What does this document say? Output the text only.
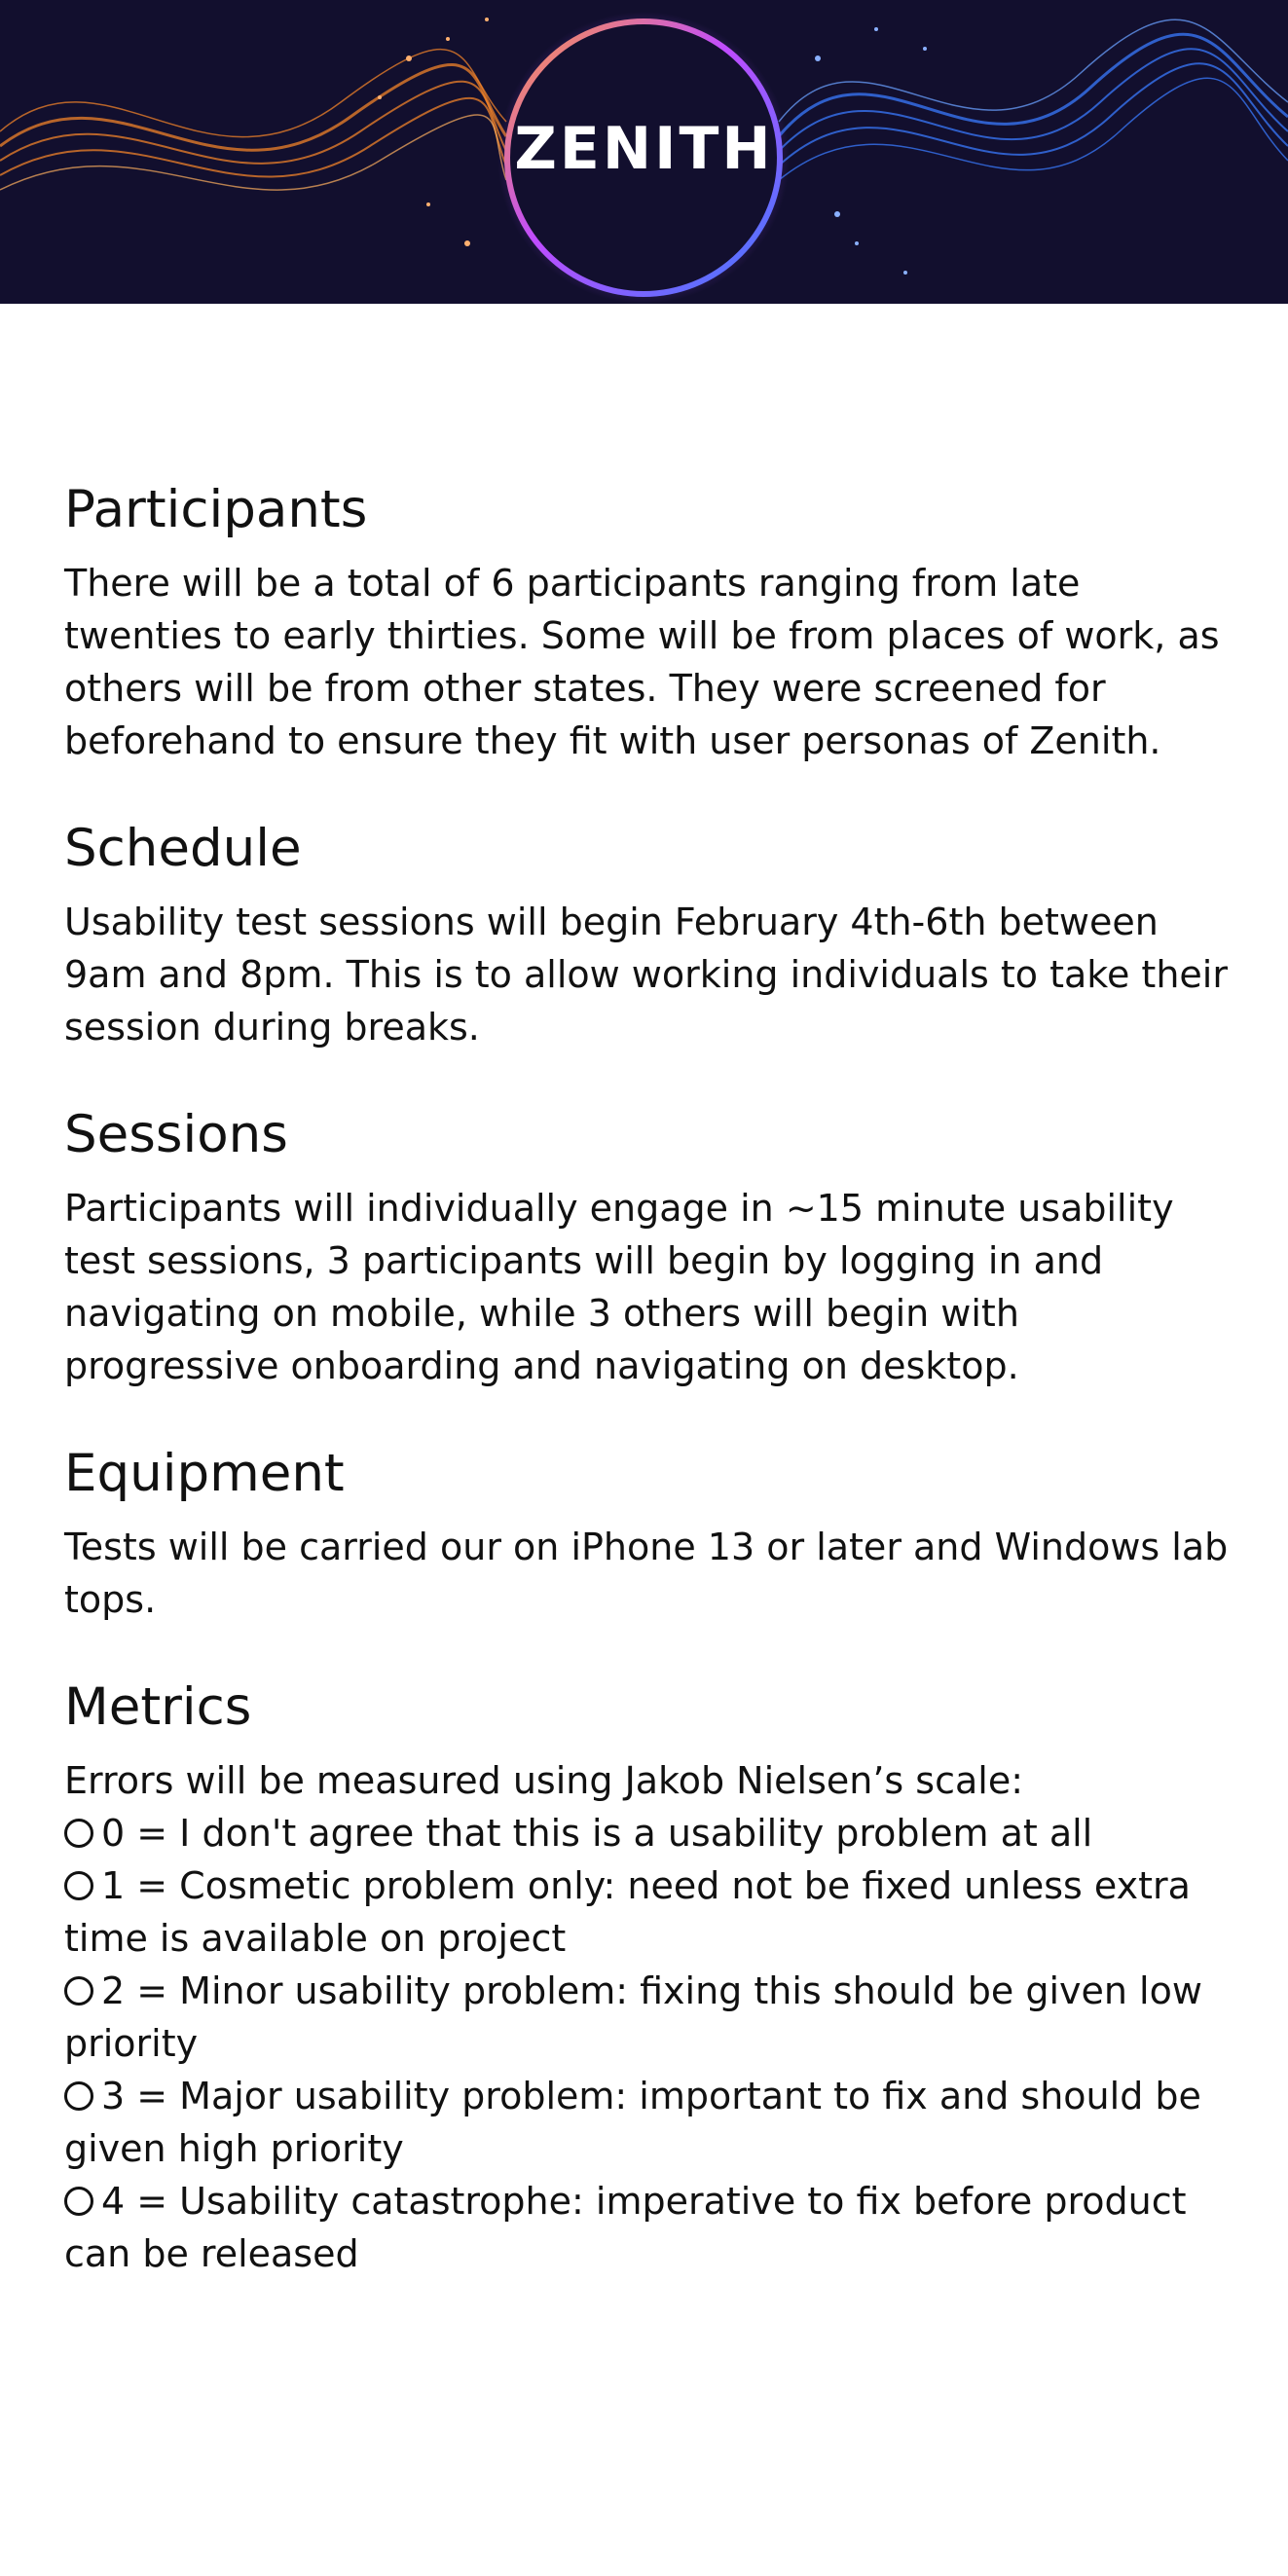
ZENITH
Participants

There will be a total of 6 participants ranging from late twenties to early thirties. Some will be from places of work, as others will be from other states. They were screened for beforehand to ensure they fit with user personas of Zenith.

Schedule

Usability test sessions will begin February 4th-6th between 9am and 8pm. This is to allow working individuals to take their session during breaks.

Sessions

Participants will individually engage in ~15 minute usability test sessions, 3 participants will begin by logging in and navigating on mobile, while 3 others will begin with progressive onboarding and navigating on desktop.

Equipment

Tests will be carried our on iPhone 13 or later and Windows lab tops.

Metrics
Errors will be measured using Jakob Nielsen’s scale:
0 = I don't agree that this is a usability problem at all
1 = Cosmetic problem only: need not be fixed unless extra time is available on project
2 = Minor usability problem: fixing this should be given low priority
3 = Major usability problem: important to fix and should be given high priority
4 = Usability catastrophe: imperative to fix before product can be released
